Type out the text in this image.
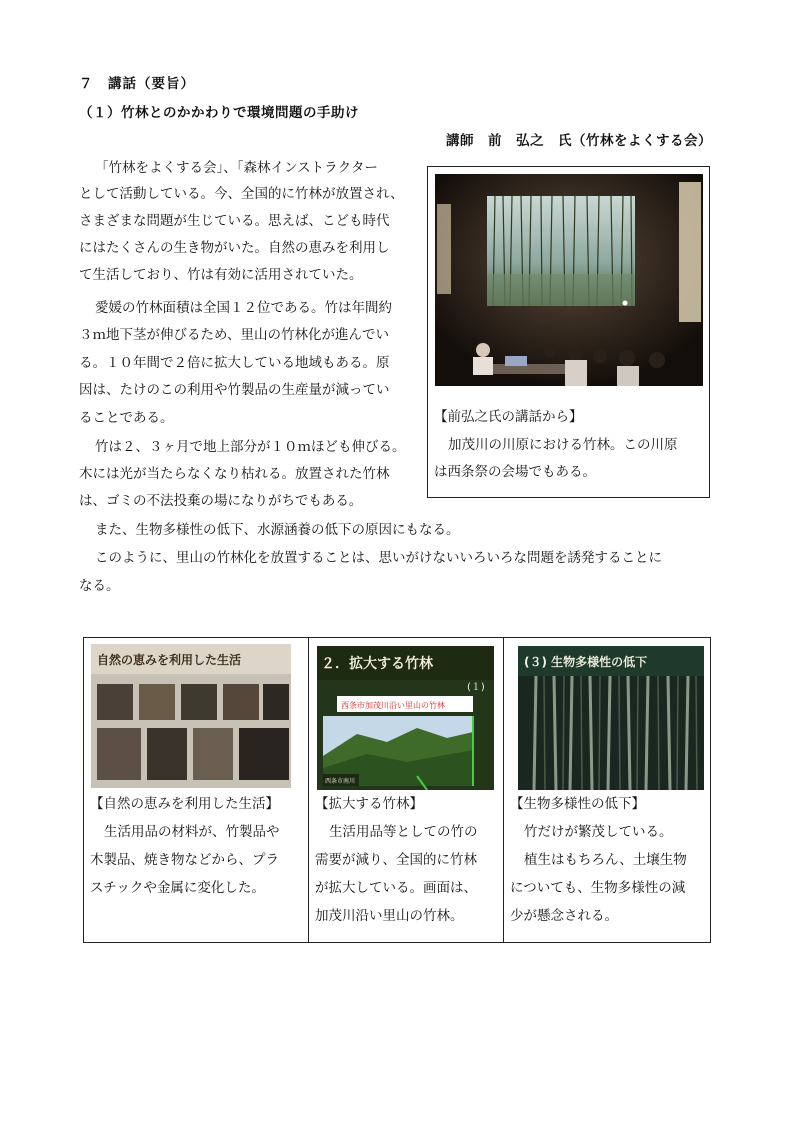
７　講話（要旨）
（１）竹林とのかかわりで環境問題の手助け
講師　前　弘之　氏（竹林をよくする会）
「竹林をよくする会」、「森林インストラクター
として活動している。今、全国的に竹林が放置され、
さまざまな問題が生じている。思えば、こども時代
にはたくさんの生き物がいた。自然の恵みを利用し
て生活しており、竹は有効に活用されていた。
愛媛の竹林面積は全国１２位である。竹は年間約
３ｍ地下茎が伸びるため、里山の竹林化が進んでい
る。１０年間で２倍に拡大している地域もある。原
因は、たけのこの利用や竹製品の生産量が減ってい
ることである。
竹は２、３ヶ月で地上部分が１０ｍほども伸びる。
木には光が当たらなくなり枯れる。放置された竹林
は、ゴミの不法投棄の場になりがちでもある。
また、生物多様性の低下、水源涵養の低下の原因にもなる。
このように、里山の竹林化を放置することは、思いがけないいろいろな問題を誘発することに
なる。
【前弘之氏の講話から】
加茂川の川原における竹林。この川原
は西条祭の会場でもある。
自然の恵みを利用した生活
【自然の恵みを利用した生活】
生活用品の材料が、竹製品や
木製品、焼き物などから、プラ
スチックや金属に変化した。

２．拡大する竹林
(１)
西条市加茂川沿い里山の竹林
西条市南川
【拡大する竹林】
生活用品等としての竹の
需要が減り、全国的に竹林
が拡大している。画面は、
加茂川沿い里山の竹林。

(３) 生物多様性の低下
【生物多様性の低下】
竹だけが繁茂している。
植生はもちろん、土壌生物
についても、生物多様性の減
少が懸念される。
